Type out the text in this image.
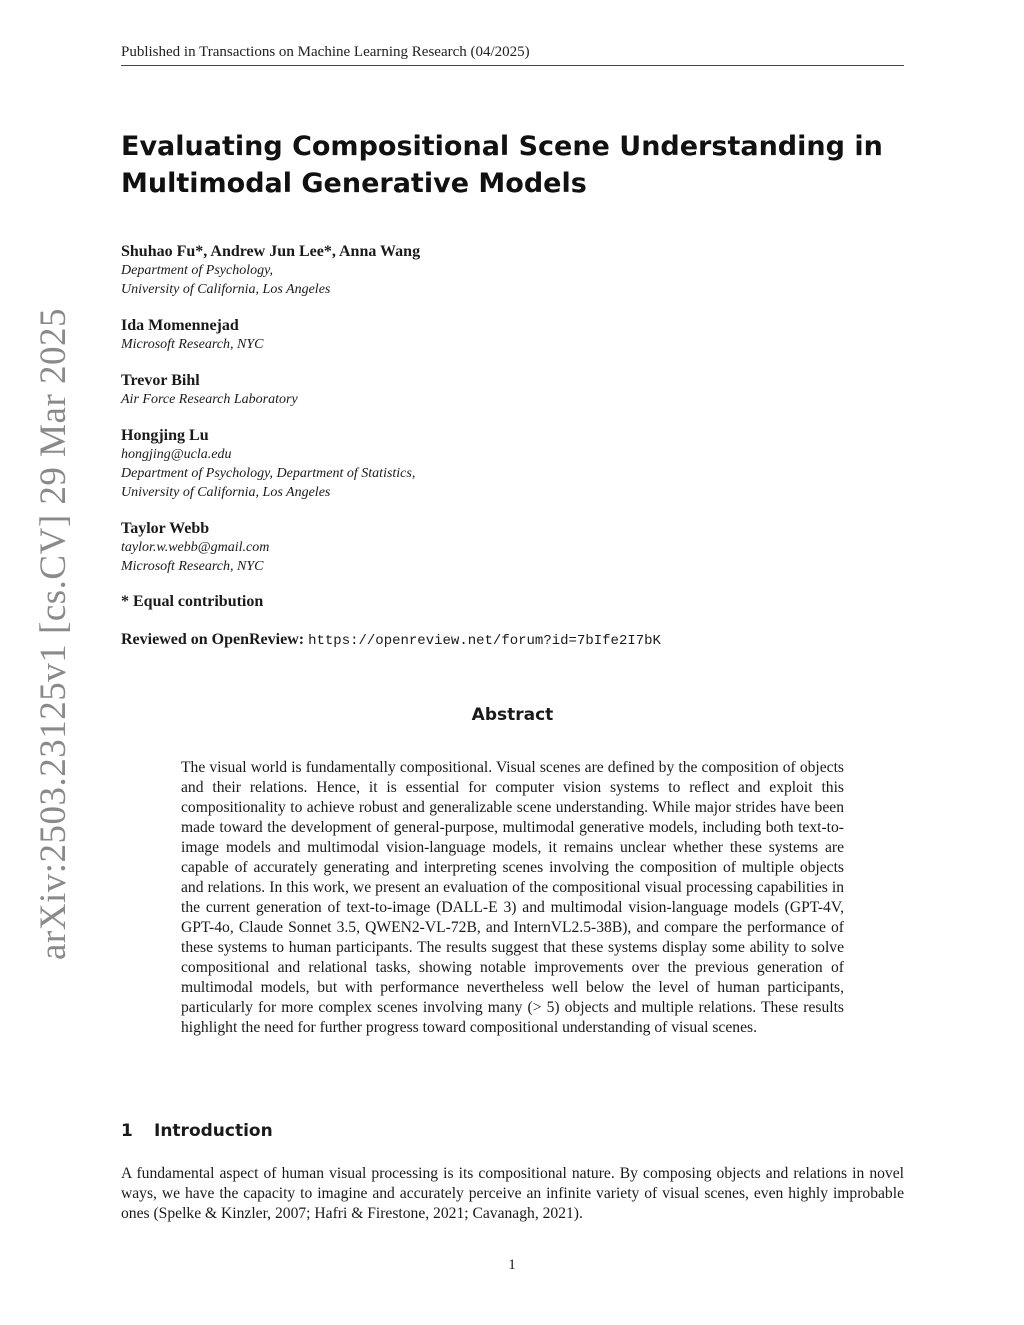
Published in Transactions on Machine Learning Research (04/2025)
arXiv:2503.23125v1 [cs.CV] 29 Mar 2025
Evaluating Compositional Scene Understanding in
Multimodal Generative Models
Shuhao Fu*, Andrew Jun Lee*, Anna Wang
Department of Psychology,
University of California, Los Angeles
Ida Momennejad
Microsoft Research, NYC
Trevor Bihl
Air Force Research Laboratory
Hongjing Lu
hongjing@ucla.edu
Department of Psychology, Department of Statistics,
University of California, Los Angeles
Taylor Webb
taylor.w.webb@gmail.com
Microsoft Research, NYC
* Equal contribution
Reviewed on OpenReview: https://openreview.net/forum?id=7bIfe2I7bK
Abstract
The visual world is fundamentally compositional. Visual scenes are defined by the composition of objects and their relations. Hence, it is essential for computer vision systems to reflect and exploit this compositionality to achieve robust and generalizable scene understanding. While major strides have been made toward the development of general-purpose, multimodal generative models, including both text-to-image models and multimodal vision-language models, it remains unclear whether these systems are capable of accurately generating and interpreting scenes involving the composition of multiple objects and relations. In this work, we present an evaluation of the compositional visual processing capabilities in the current generation of text-to-image (DALL-E 3) and multimodal vision-language models (GPT-4V, GPT-4o, Claude Sonnet 3.5, QWEN2-VL-72B, and InternVL2.5-38B), and compare the performance of these systems to human participants. The results suggest that these systems display some ability to solve compositional and relational tasks, showing notable improvements over the previous generation of multimodal models, but with performance nevertheless well below the level of human participants, particularly for more complex scenes involving many (> 5) objects and multiple relations. These results highlight the need for further progress toward compositional understanding of visual scenes.
1 Introduction
A fundamental aspect of human visual processing is its compositional nature. By composing objects and relations in novel ways, we have the capacity to imagine and accurately perceive an infinite variety of visual scenes, even highly improbable ones (Spelke & Kinzler, 2007; Hafri & Firestone, 2021; Cavanagh, 2021).
1
